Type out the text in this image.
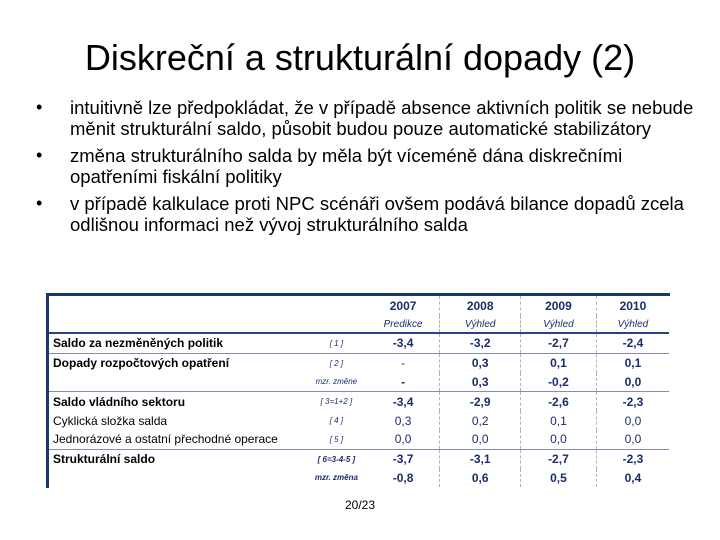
Diskreční a strukturální dopady (2)
• intuitivně lze předpokládat, že v případě absence aktivních politik se nebude měnit strukturální saldo, působit budou pouze automatické stabilizátory
• změna strukturálního salda by měla být víceméně dána diskrečními opatřeními fiskální politiky
• v případě kalkulace proti NPC scénáři ovšem podává bilance dopadů zcela odlišnou informaci než vývoj strukturálního salda
		2007	2008	2009	2010
		Predikce	Výhled	Výhled	Výhled
Saldo za nezměněných politik	[ 1 ]	-3,4	-3,2	-2,7	-2,4
Dopady rozpočtových opatření	[ 2 ]	-	0,3	0,1	0,1
	mzr. změne	-	0,3	-0,2	0,0
Saldo vládního sektoru	[ 3=1+2 ]	-3,4	-2,9	-2,6	-2,3
Cyklická složka salda	[ 4 ]	0,3	0,2	0,1	0,0
Jednorázové a ostatní přechodné operace	[ 5 ]	0,0	0,0	0,0	0,0
Strukturální saldo	[ 6=3-4-5 ]	-3,7	-3,1	-2,7	-2,3
	mzr. změna	-0,8	0,6	0,5	0,4
20/23
